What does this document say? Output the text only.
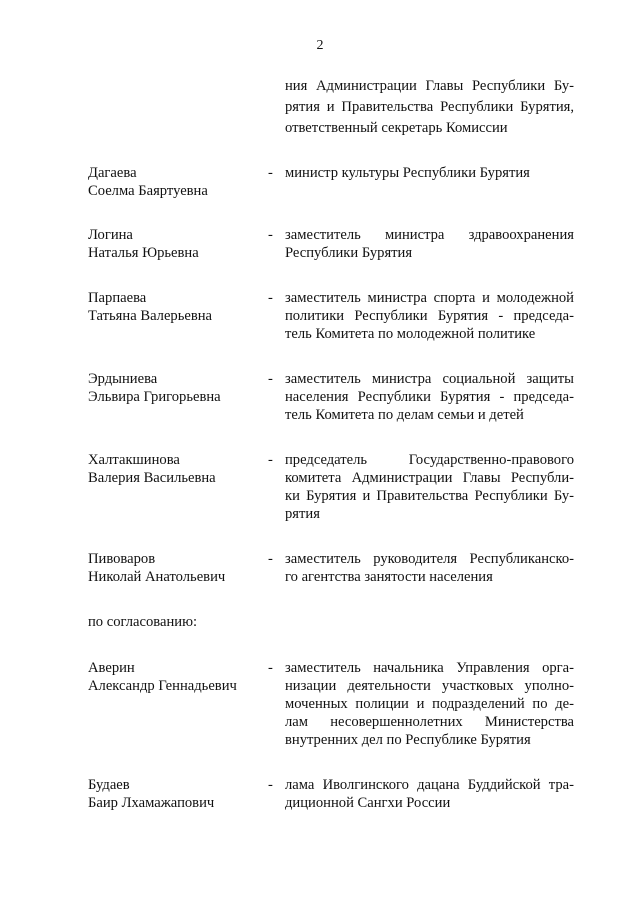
2
ния Администрации Главы Республики Бу-
рятия и Правительства Республики Бурятия,
ответственный секретарь Комиссии
Дагаева
Соелма Баяртуевна
- министр культуры Республики Бурятия
Логина
Наталья Юрьевна
- заместитель министра здравоохранения
Республики Бурятия
Парпаева
Татьяна Валерьевна
- заместитель министра спорта и молодежной
политики Республики Бурятия - председа-
тель Комитета по молодежной политике
Эрдыниева
Эльвира Григорьевна
- заместитель министра социальной защиты
населения Республики Бурятия - председа-
тель Комитета по делам семьи и детей
Халтакшинова
Валерия Васильевна
- председатель Государственно-правового
комитета Администрации Главы Республи-
ки Бурятия и Правительства Республики Бу-
рятия
Пивоваров
Николай Анатольевич
- заместитель руководителя Республиканско-
го агентства занятости населения
по согласованию:
Аверин
Александр Геннадьевич
- заместитель начальника Управления орга-
низации деятельности участковых уполно-
моченных полиции и подразделений по де-
лам несовершеннолетних Министерства
внутренних дел по Республике Бурятия
Будаев
Баир Лхамажапович
- лама Иволгинского дацана Буддийской тра-
диционной Сангхи России
